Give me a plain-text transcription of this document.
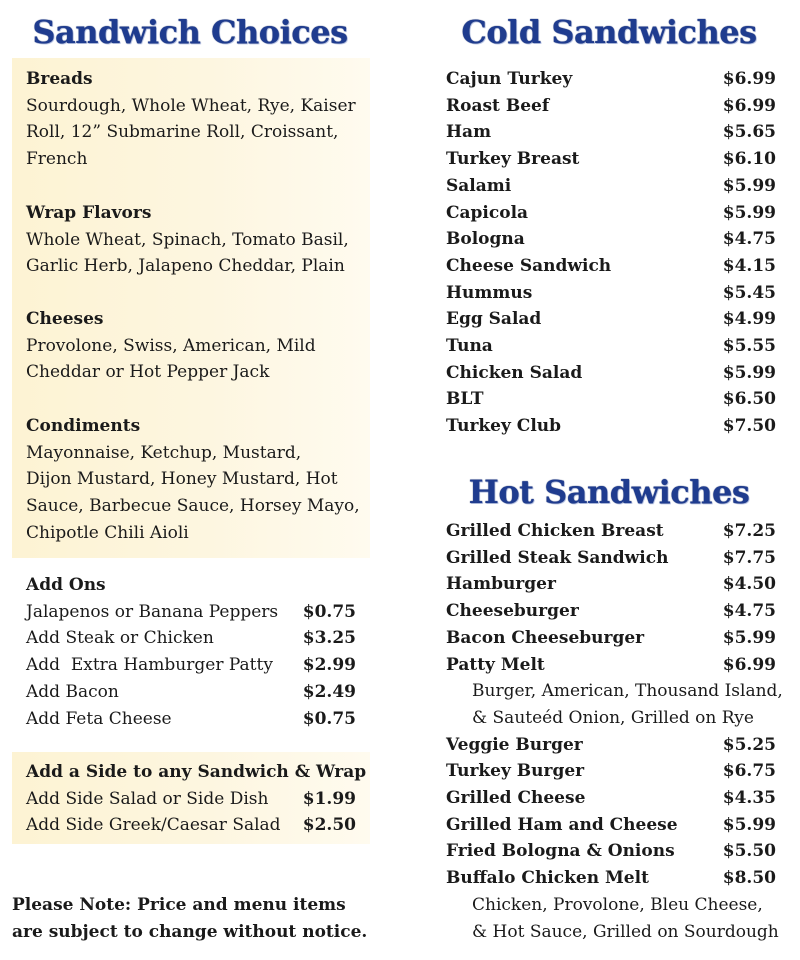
Sandwich Choices
Breads
Sourdough, Whole Wheat, Rye, Kaiser
Roll, 12” Submarine Roll, Croissant,
French
Wrap Flavors
Whole Wheat, Spinach, Tomato Basil,
Garlic Herb, Jalapeno Cheddar, Plain
Cheeses
Provolone, Swiss, American, Mild
Cheddar or Hot Pepper Jack
Condiments
Mayonnaise, Ketchup, Mustard,
Dijon Mustard, Honey Mustard, Hot
Sauce, Barbecue Sauce, Horsey Mayo,
Chipotle Chili Aioli
Add Ons
Jalapenos or Banana Peppers $0.75
Add Steak or Chicken	$3.25
Add  Extra Hamburger Patty $2.99
Add Bacon	$2.49
Add Feta Cheese	$0.75
Add a Side to any Sandwich & Wrap
Add Side Salad or Side Dish $1.99
Add Side Greek/Caesar Salad $2.50
Please Note: Price and menu items
are subject to change without notice.
Cold Sandwiches
Cajun Turkey	$6.99
Roast Beef	$6.99
Ham	$5.65
Turkey Breast	$6.10
Salami	$5.99
Capicola	$5.99
Bologna	$4.75
Cheese Sandwich	$4.15
Hummus	$5.45
Egg Salad	$4.99
Tuna	$5.55
Chicken Salad	$5.99
BLT	$6.50
Turkey Club	$7.50
Hot Sandwiches
Grilled Chicken Breast	$7.25
Grilled Steak Sandwich	$7.75
Hamburger	$4.50
Cheeseburger	$4.75
Bacon Cheeseburger	$5.99
Patty Melt	$6.99
Burger, American, Thousand Island,
& Sauteéd Onion, Grilled on Rye
Veggie Burger	$5.25
Turkey Burger	$6.75
Grilled Cheese	$4.35
Grilled Ham and Cheese	$5.99
Fried Bologna & Onions	$5.50
Buffalo Chicken Melt	$8.50
Chicken, Provolone, Bleu Cheese,
& Hot Sauce, Grilled on Sourdough
